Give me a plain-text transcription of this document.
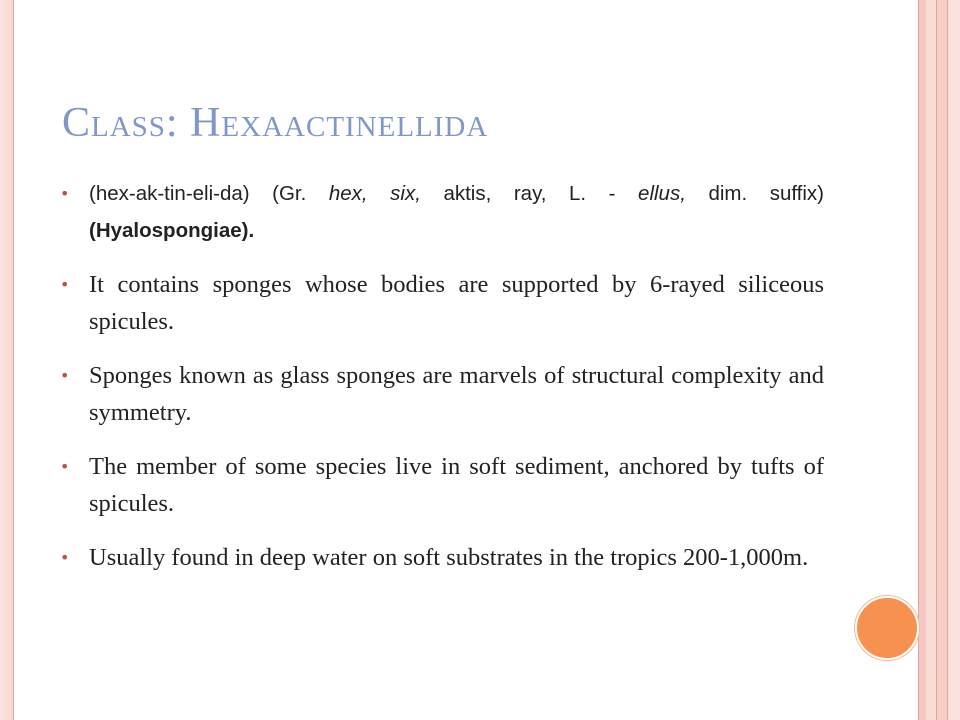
Class: Hexaactinellida
• (hex-ak-tin-eli-da) (Gr. hex, six, aktis, ray, L. - ellus, dim. suffix) (Hyalospongiae).
• It contains sponges whose bodies are supported by 6-rayed siliceous spicules.
• Sponges known as glass sponges are marvels of structural complexity and symmetry.
• The member of some species live in soft sediment, anchored by tufts of spicules.
• Usually found in deep water on soft substrates in the tropics 200-1,000m.
